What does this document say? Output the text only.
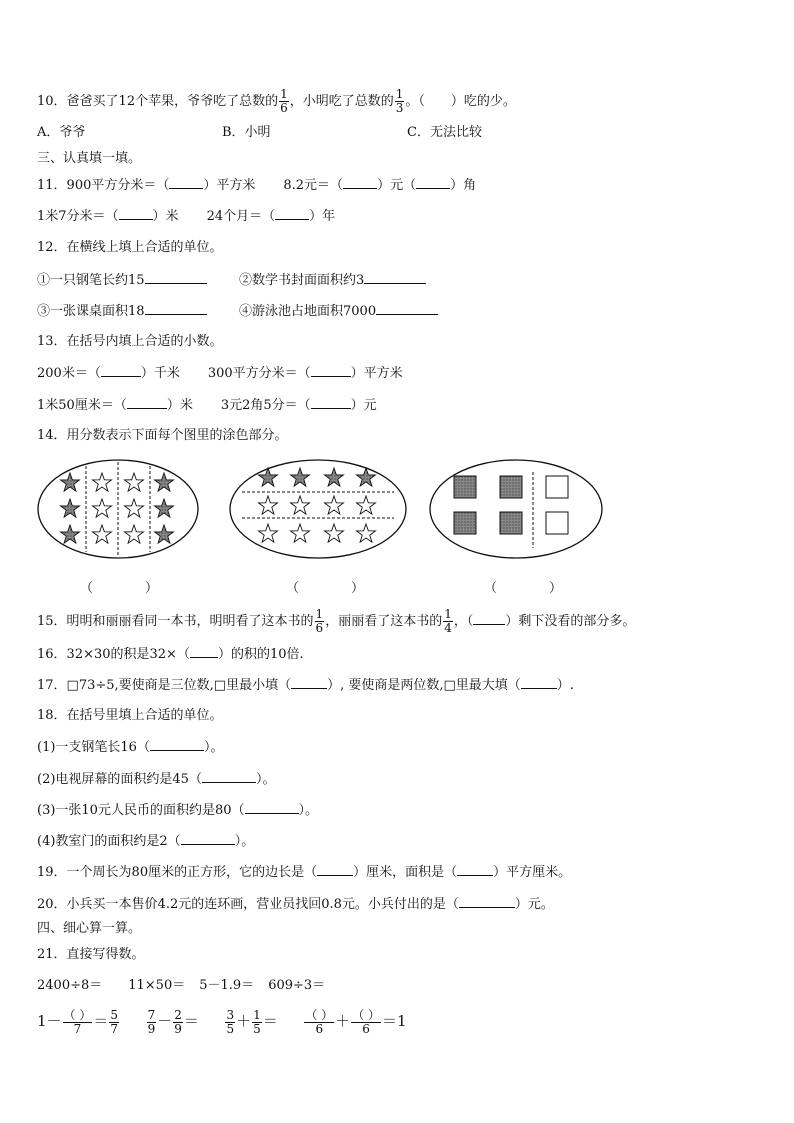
10．爸爸买了12个苹果，爷爷吃了总数的 $\frac{1}{6}$ ，小明吃了总数的 $\frac{1}{3}$ 。（　　）吃的少。
A．爷爷	B．小明	C．无法比较
三、认真填一填。
11．900平方分米＝（	）平方米 8.2元＝（	）元（	）角
1米7分米＝（	）米 24个月＝（	）年
12．在横线上填上合适的单位。
①一只钢笔长约15	②数学书封面面积约3
③一张课桌面积18	④游泳池占地面积7000
13．在括号内填上合适的小数。
200米＝（	）千米 300平方分米＝（	）平方米
1米50厘米＝（	）米 3元2角5分＝（	）元
14．用分数表示下面每个图里的涂色部分。
（　　　　）	（　　　　）	（　　　　）
15．明明和丽丽看同一本书，明明看了这本书的 $\frac{1}{6}$ ，丽丽看了这本书的 $\frac{1}{4}$ ，（ ）剩下没看的部分多。
16．32×30的积是32×（ ）的积的10倍.
17．□73÷5,要使商是三位数,□里最小填（	）, 要使商是两位数,□里最大填（	）.
18．在括号里填上合适的单位。
(1)一支钢笔长16（	）。
(2)电视屏幕的面积约是45（	）。
(3)一张10元人民币的面积约是80（	）。
(4)教室门的面积约是2（	）。
19．一个周长为80厘米的正方形，它的边长是（	）厘米，面积是（	）平方厘米。
20．小兵买一本售价4.2元的连环画，营业员找回0.8元。小兵付出的是（	）元。
四、细心算一算。
21．直接写得数。
2400÷8＝ 11×50＝ 5－1.9＝ 609÷3＝
$1- \frac{( )}{7} = \frac{5}{7}$
$\frac{7}{9} - \frac{2}{9} = \frac{3}{5} + \frac{1}{5} = \frac{( )}{6} + \frac{( )}{6} =1$
